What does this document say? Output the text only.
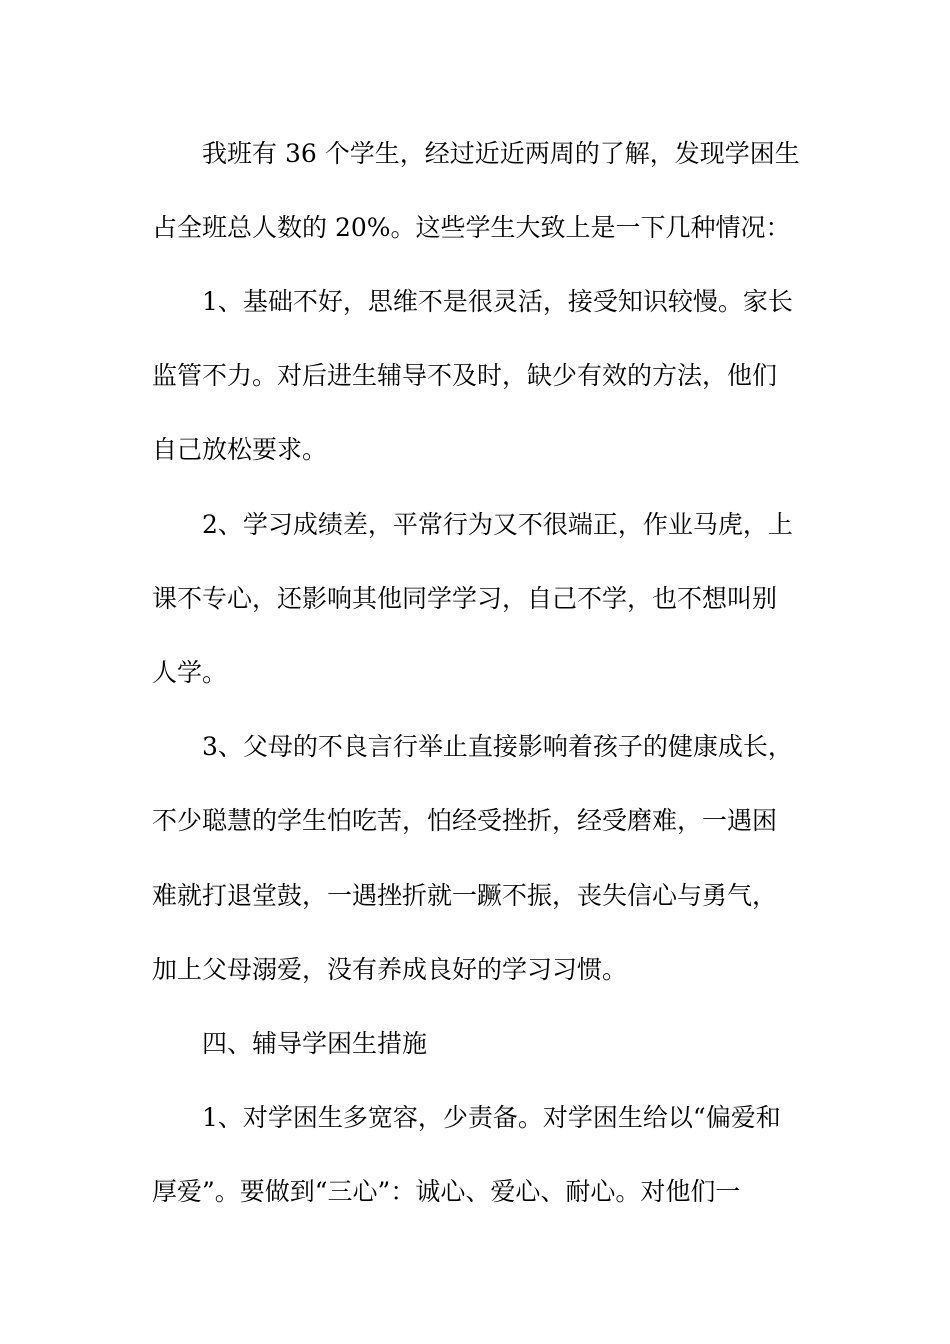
我班有 36 个学生，经过近近两周的了解，发现学困生
占全班总人数的 20%。这些学生大致上是一下几种情况：
1、基础不好，思维不是很灵活，接受知识较慢。家长
监管不力。对后进生辅导不及时，缺少有效的方法，他们
自己放松要求。
2、学习成绩差，平常行为又不很端正，作业马虎，上
课不专心，还影响其他同学学习，自己不学，也不想叫别
人学。
3、父母的不良言行举止直接影响着孩子的健康成长，
不少聪慧的学生怕吃苦，怕经受挫折，经受磨难，一遇困
难就打退堂鼓，一遇挫折就一蹶不振，丧失信心与勇气，
加上父母溺爱，没有养成良好的学习习惯。
四、辅导学困生措施
1、对学困生多宽容，少责备。对学困生给以“偏爱和
厚爱”。要做到“三心”：诚心、爱心、耐心。对他们一
